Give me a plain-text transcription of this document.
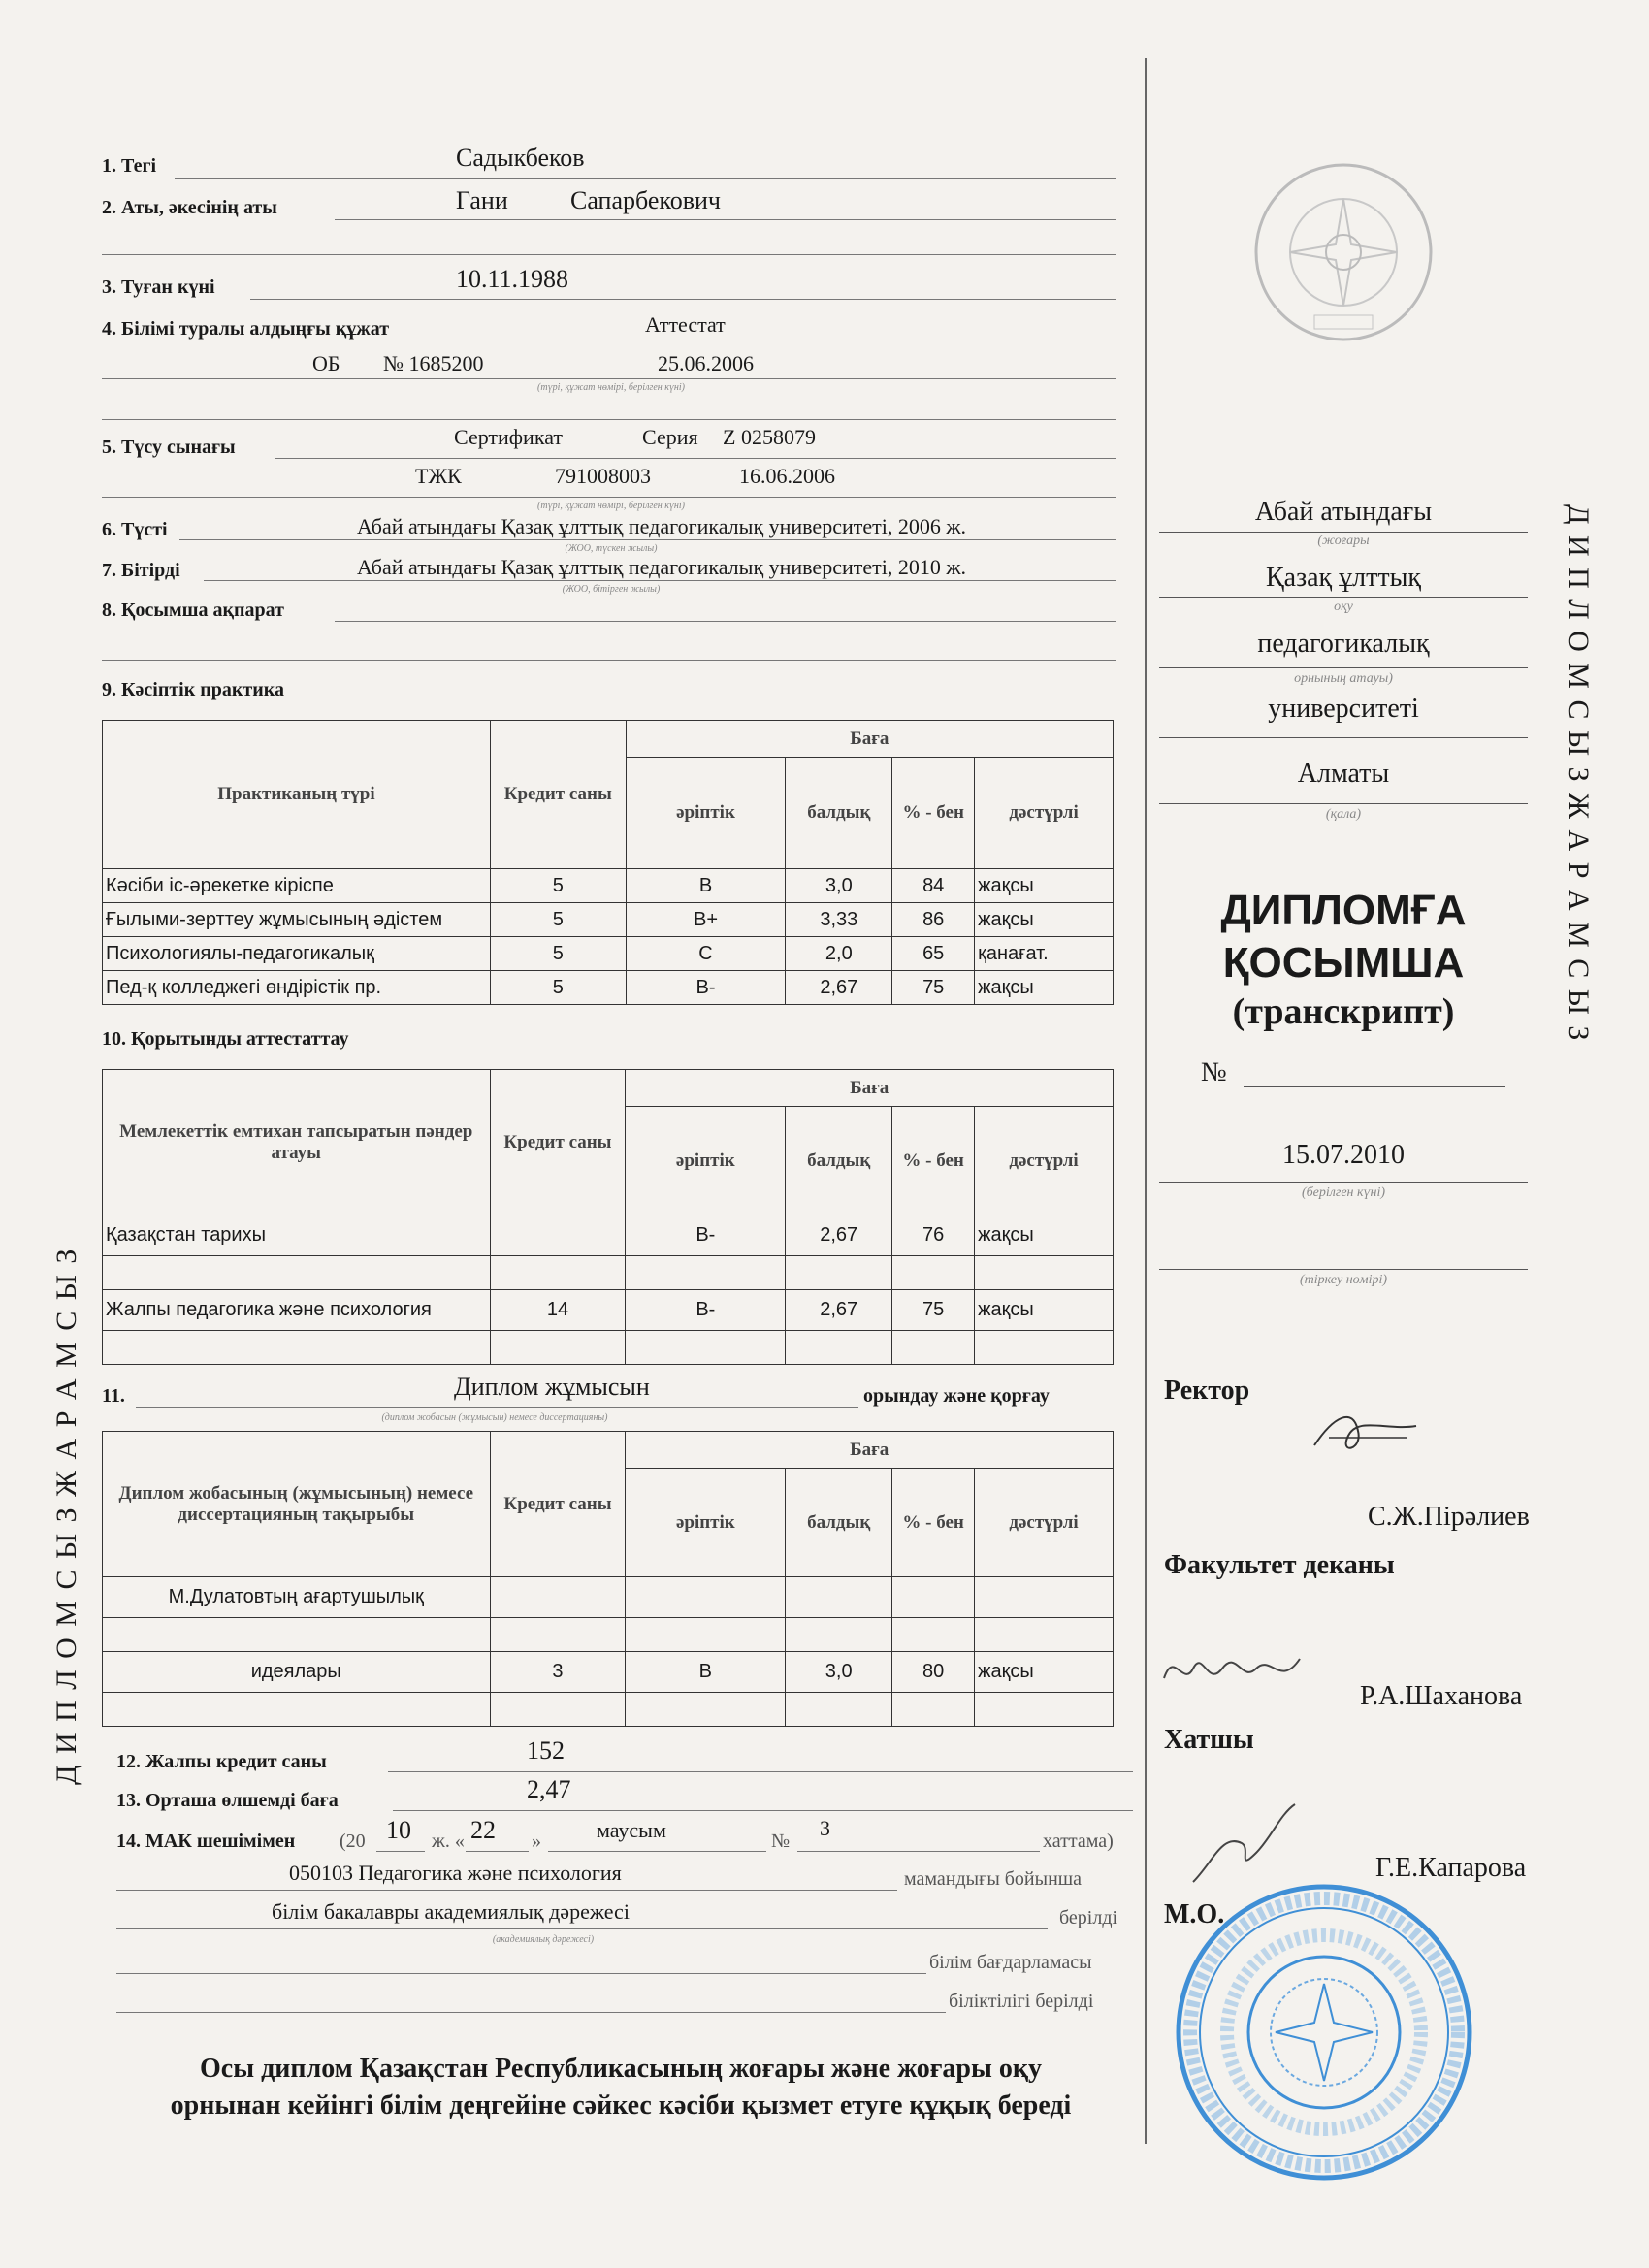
Д И П Л О М С Ы З Ж А Р А М С Ы З
Д И П Л О М С Ы З Ж А Р А М С Ы З
1. Тегі	Садыкбеков
2. Аты, әкесінің аты	Гани Сапарбекович
3. Туған күні	10.11.1988
4. Білімі туралы алдыңғы құжат	Аттестат
ОБ № 1685200	25.06.2006
(түрі, құжат нөмірі, берілген күні)
5. Түсу сынағы	Сертификат	Серия Z 0258079
ТЖК	791008003	16.06.2006
(түрі, құжат нөмірі, берілген күні)
6. Түсті	Абай атындағы Қазақ ұлттық педагогикалық университеті, 2006 ж.
(ЖОО, түскен жылы)
7. Бітірді	Абай атындағы Қазақ ұлттық педагогикалық университеті, 2010 ж.
(ЖОО, бітірген жылы)
8. Қосымша ақпарат
9. Кәсіптік практика
Практиканың түрі	Кредит саны	Баға			
		әріптік	балдық	% - бен	дәстүрлі
Кәсіби іс-әрекетке кіріспе	5	B	3,0	84	жақсы
Ғылыми-зерттеу жұмысының әдістем	5	B+	3,33	86	жақсы
Психологиялы-педагогикалық	5	C	2,0	65	қанағат.
Пед-қ колледжегі өндірістік пр.	5	B-	2,67	75	жақсы
10. Қорытынды аттестаттау
Мемлекеттік емтихан тапсыратын пәндер атауы	Кредит саны	Баға			
		әріптік	балдық	% - бен	дәстүрлі
Қазақстан тарихы		B-	2,67	76	жақсы

Жалпы педагогика және психология	14	B-	2,67	75	жақсы

11.	Диплом жұмысын	орындау және қорғау
(диплом жобасын (жұмысын) немесе диссертацияны)
Диплом жобасының (жұмысының) немесе диссертацияның тақырыбы	Кредит саны	Баға			
		әріптік	балдық	% - бен	дәстүрлі
М.Дулатовтың ағартушылық					

идеялары	3	B	3,0	80	жақсы

12. Жалпы кредит саны	152
13. Орташа өлшемді баға	2,47
14. МАК шешімімен (20 10 ж. « 22 »	маусым	№
3
хаттама)
050103 Педагогика және психология	мамандығы бойынша
білім бакалавры академиялық дәрежесі	берілді
(академиялық дәрежесі)
білім бағдарламасы
біліктілігі берілді
Осы диплом Қазақстан Республикасының жоғары және жоғары оқу
орнынан кейінгі білім деңгейіне сәйкес кәсіби қызмет етуге құқық береді
Абай атындағы
(жоғары
Қазақ ұлттық
оқу
педагогикалық
орнының атауы)
университеті
Алматы
(қала)
ДИПЛОМҒА
ҚОСЫМША
(транскрипт)
№
15.07.2010
(берілген күні)
(тіркеу нөмірі)
Ректор
С.Ж.Пірәлиев
Факультет деканы
Р.А.Шаханова
Хатшы
Г.Е.Капарова
М.О.
